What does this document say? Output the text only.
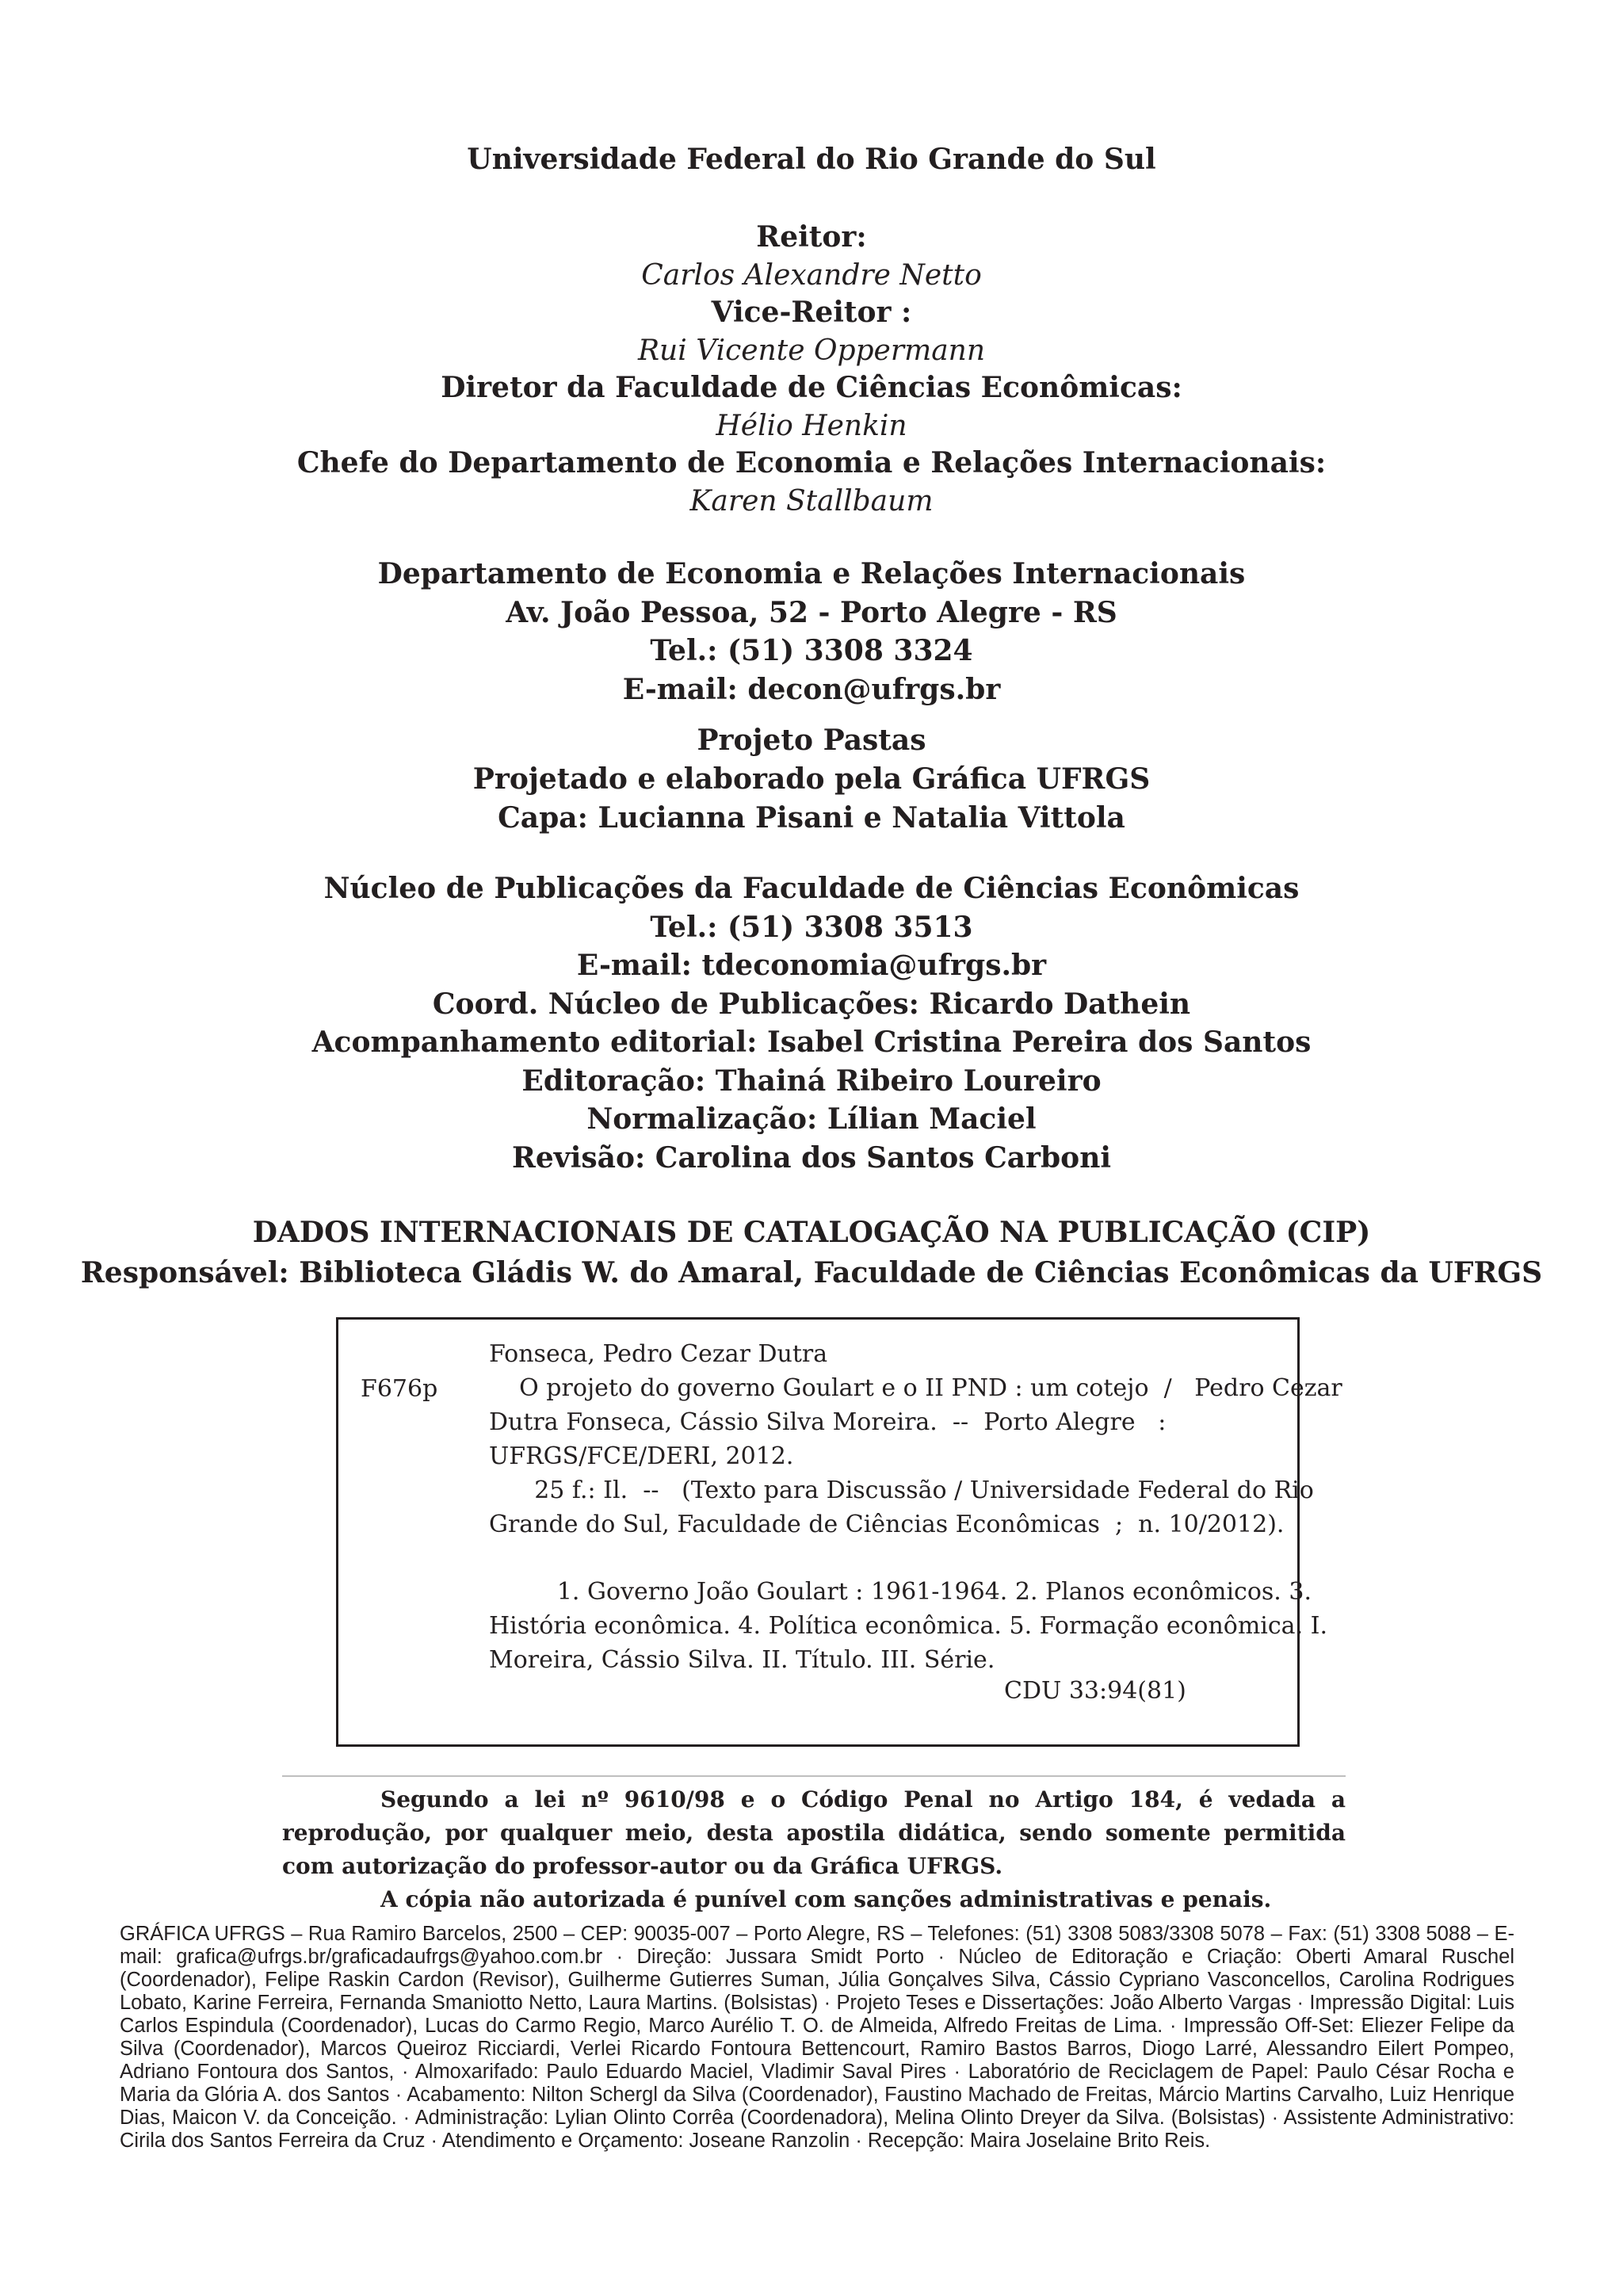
Universidade Federal do Rio Grande do Sul

Reitor:

Carlos Alexandre Netto

Vice-Reitor :

Rui Vicente Oppermann

Diretor da Faculdade de Ciências Econômicas:

Hélio Henkin

Chefe do Departamento de Economia e Relações Internacionais:

Karen Stallbaum

Departamento de Economia e Relações Internacionais

Av. João Pessoa, 52 - Porto Alegre - RS

Tel.: (51) 3308 3324

E-mail: decon@ufrgs.br

Projeto Pastas

Projetado e elaborado pela Gráfica UFRGS

Capa: Lucianna Pisani e Natalia Vittola

Núcleo de Publicações da Faculdade de Ciências Econômicas

Tel.: (51) 3308 3513

E-mail: tdeconomia@ufrgs.br

Coord. Núcleo de Publicações: Ricardo Dathein

Acompanhamento editorial: Isabel Cristina Pereira dos Santos

Editoração: Thainá Ribeiro Loureiro

Normalização: Lílian Maciel

Revisão: Carolina dos Santos Carboni

DADOS INTERNACIONAIS DE CATALOGAÇÃO NA PUBLICAÇÃO (CIP)

Responsável: Biblioteca Gládis W. do Amaral, Faculdade de Ciências Econômicas da UFRGS

F676p

Fonseca, Pedro Cezar Dutra

O projeto do governo Goulart e o II PND : um cotejo  /   Pedro Cezar

Dutra Fonseca, Cássio Silva Moreira.  --  Porto Alegre   :

UFRGS/FCE/DERI, 2012.

25 f.: Il.  --   (Texto para Discussão / Universidade Federal do Rio

Grande do Sul, Faculdade de Ciências Econômicas  ;  n. 10/2012).

1. Governo João Goulart : 1961-1964. 2. Planos econômicos. 3.

História econômica. 4. Política econômica. 5. Formação econômica. I.

Moreira, Cássio Silva. II. Título. III. Série.

CDU 33:94(81)

Segundo a lei nº 9610/98 e o Código Penal no Artigo 184, é vedada a reprodução, por qualquer meio, desta apostila didática, sendo somente permitida com autorização do professor-autor ou da Gráfica UFRGS.

A cópia não autorizada é punível com sanções administrativas e penais.

GRÁFICA UFRGS – Rua Ramiro Barcelos, 2500 – CEP: 90035-007 – Porto Alegre, RS – Telefones: (51) 3308 5083/3308 5078 – Fax: (51) 3308 5088 – E-mail: grafica@ufrgs.br/graficadaufrgs@yahoo.com.br · Direção: Jussara Smidt Porto · Núcleo de Editoração e Criação: Oberti Amaral Ruschel (Coordenador), Felipe Raskin Cardon (Revisor), Guilherme Gutierres Suman, Júlia Gonçalves Silva, Cássio Cypriano Vasconcellos, Carolina Rodrigues Lobato, Karine Ferreira, Fernanda Smaniotto Netto, Laura Martins. (Bolsistas) · Projeto Teses e Dissertações: João Alberto Vargas · Impressão Digital: Luis Carlos Espindula (Coordenador), Lucas do Carmo Regio, Marco Aurélio T. O. de Almeida, Alfredo Freitas de Lima. · Impressão Off-Set: Eliezer Felipe da Silva (Coordenador), Marcos Queiroz Ricciardi, Verlei Ricardo Fontoura Bettencourt, Ramiro Bastos Barros, Diogo Larré, Alessandro Eilert Pompeo, Adriano Fontoura dos Santos, · Almoxarifado: Paulo Eduardo Maciel, Vladimir Saval Pires · Laboratório de Reciclagem de Papel: Paulo César Rocha e Maria da Glória A. dos Santos · Acabamento: Nilton Schergl da Silva (Coordenador), Faustino Machado de Freitas, Márcio Martins Carvalho, Luiz Henrique Dias, Maicon V. da Conceição. · Administração: Lylian Olinto Corrêa (Coordenadora), Melina Olinto Dreyer da Silva. (Bolsistas) · Assistente Administrativo: Cirila dos Santos Ferreira da Cruz · Atendimento e Orçamento: Joseane Ranzolin · Recepção: Maira Joselaine Brito Reis.
